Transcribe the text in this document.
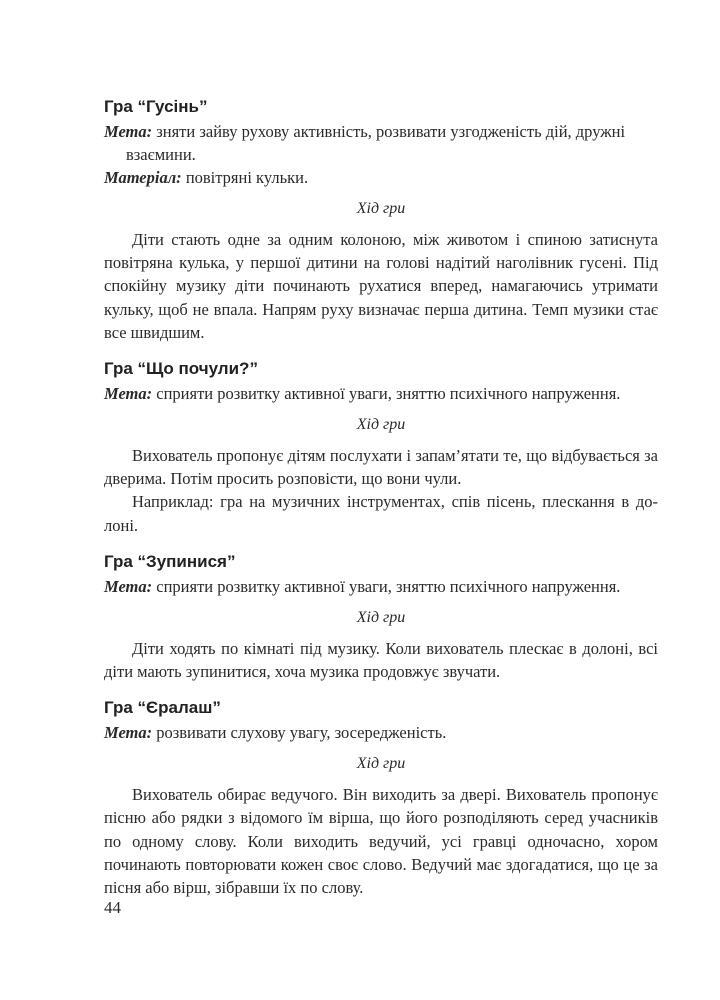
Гра “Гусінь”

Мета: зняти зайву рухову активність, розвивати узгодженість дій, дружні взаємини.

Матеріал: повітряні кульки.

Хід гри

Діти стають одне за одним колоною, між животом і спиною затиснута повітряна кулька, у першої дитини на голові надітий наголівник гусені. Під спокійну музику діти починають рухатися вперед, намагаючись утримати кульку, щоб не впала. Напрям руху визначає перша дитина. Темп музики стає все швидшим.

Гра “Що почули?”

Мета: сприяти розвитку активної уваги, зняттю психічного напруження.

Хід гри

Вихователь пропонує дітям послухати і запам’ятати те, що відбувається за дверима. Потім просить розповісти, що вони чули.

Наприклад: гра на музичних інструментах, спів пісень, плескання в долоні.

Гра “Зупинися”

Мета: сприяти розвитку активної уваги, зняттю психічного напруження.

Хід гри

Діти ходять по кімнаті під музику. Коли вихователь плескає в долоні, всі діти мають зупинитися, хоча музика продовжує звучати.

Гра “Єралаш”

Мета: розвивати слухову увагу, зосередженість.

Хід гри

Вихователь обирає ведучого. Він виходить за двері. Вихователь пропонує пісню або рядки з відомого їм вірша, що його розподіляють серед учасників по одному слову. Коли виходить ведучий, усі гравці одночасно, хором починають повторювати кожен своє слово. Ведучий має здогадатися, що це за пісня або вірш, зібравши їх по слову.

44
